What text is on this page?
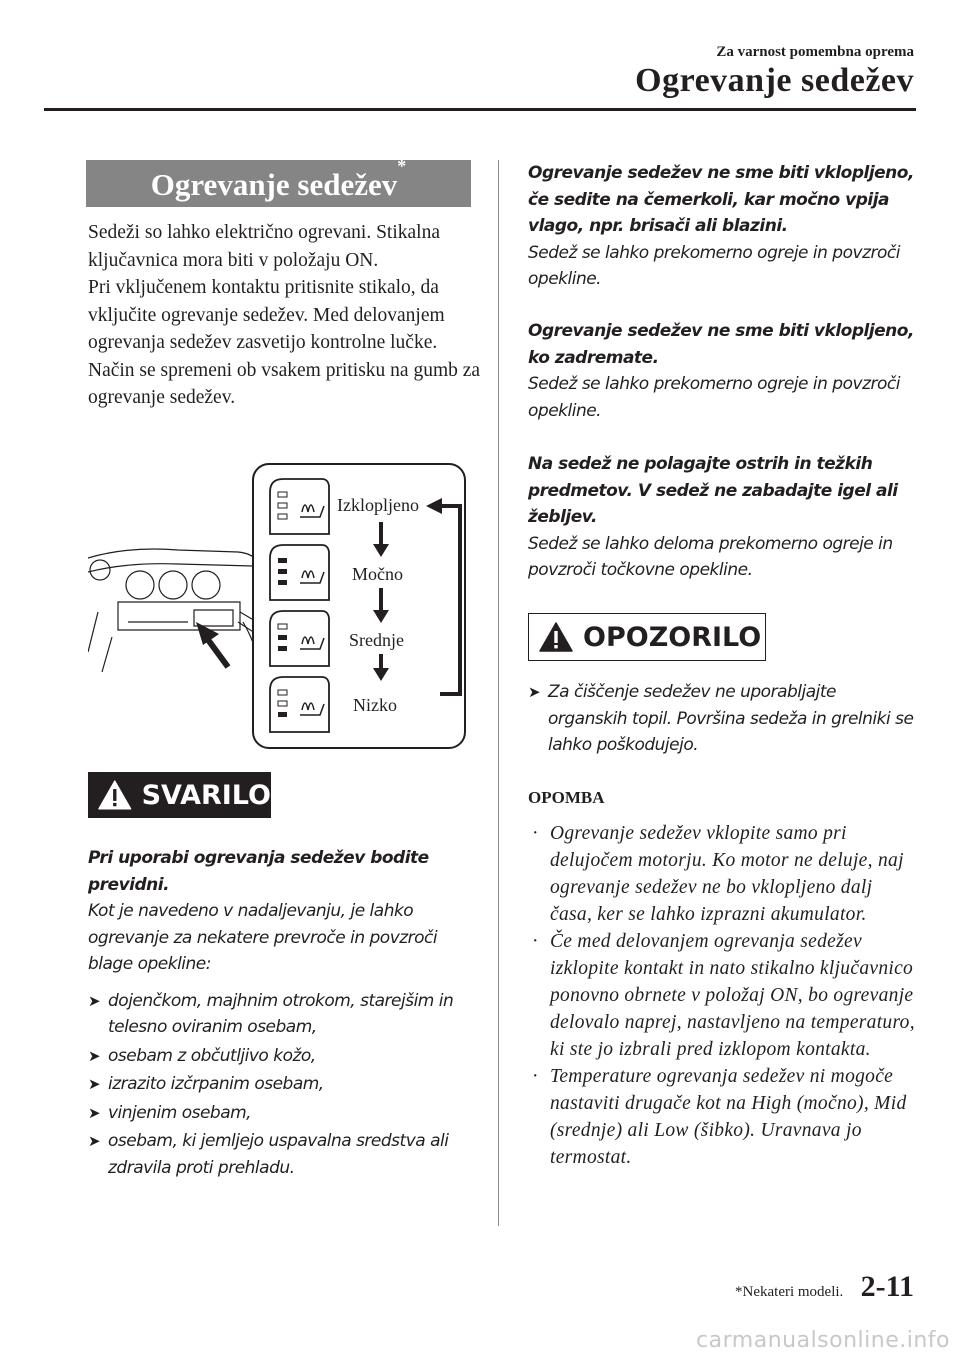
Za varnost pomembna oprema
Ogrevanje sedežev
Ogrevanje sedežev*

Sedeži so lahko električno ogrevani. Stikalna ključavnica mora biti v položaju ON.

Pri vključenem kontaktu pritisnite stikalo, da vključite ogrevanje sedežev. Med delovanjem ogrevanja sedežev zasvetijo kontrolne lučke. Način se spremeni ob vsakem pritisku na gumb za ogrevanje sedežev.

Izklopljeno
Močno
Srednje
Nizko
SVARILO

Pri uporabi ogrevanja sedežev bodite previdni.

Kot je navedeno v nadaljevanju, je lahko ogrevanje za nekatere prevroče in povzroči blage opekline:

➤ dojenčkom, majhnim otrokom, starejšim in telesno oviranim osebam,
➤ osebam z občutljivo kožo,
➤ izrazito izčrpanim osebam,
➤ vinjenim osebam,
➤ osebam, ki jemljejo uspavalna sredstva ali zdravila proti prehladu.

Ogrevanje sedežev ne sme biti vklopljeno, če sedite na čemerkoli, kar močno vpija vlago, npr. brisači ali blazini.

Sedež se lahko prekomerno ogreje in povzroči opekline.

Ogrevanje sedežev ne sme biti vklopljeno, ko zadremate.

Sedež se lahko prekomerno ogreje in povzroči opekline.

Na sedež ne polagajte ostrih in težkih predmetov. V sedež ne zabadajte igel ali žebljev.

Sedež se lahko deloma prekomerno ogreje in povzroči točkovne opekline.

OPOZORILO
➤ Za čiščenje sedežev ne uporabljajte organskih topil. Površina sedeža in grelniki se lahko poškodujejo.
OPOMBA
· Ogrevanje sedežev vklopite samo pri delujočem motorju. Ko motor ne deluje, naj ogrevanje sedežev ne bo vklopljeno dalj časa, ker se lahko izprazni akumulator.
· Če med delovanjem ogrevanja sedežev izklopite kontakt in nato stikalno ključavnico ponovno obrnete v položaj ON, bo ogrevanje delovalo naprej, nastavljeno na temperaturo, ki ste jo izbrali pred izklopom kontakta.
· Temperature ogrevanja sedežev ni mogoče nastaviti drugače kot na High (močno), Mid (srednje) ali Low (šibko). Uravnava jo termostat.
*Nekateri modeli. 2-11
carmanualsonline.info
